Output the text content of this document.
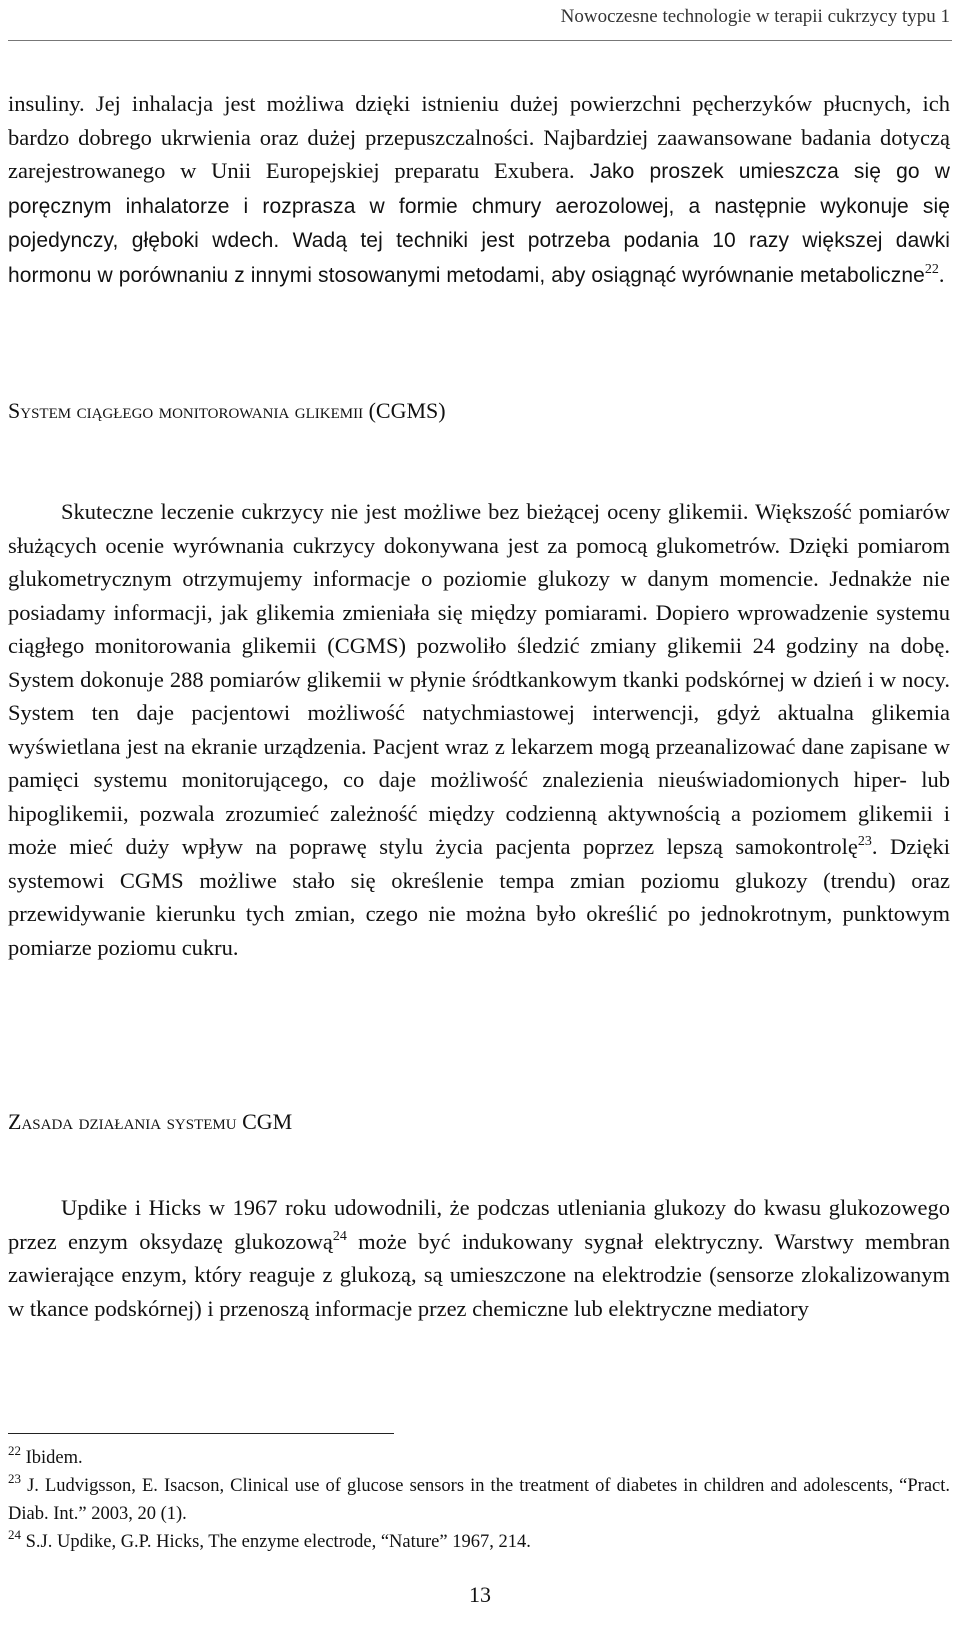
Nowoczesne technologie w terapii cukrzycy typu 1

insuliny. Jej inhalacja jest możliwa dzięki istnieniu dużej powierzchni pęcherzyków płucnych, ich bardzo dobrego ukrwienia oraz dużej przepuszczalności. Najbardziej zaawansowane badania dotyczą zarejestrowanego w Unii Europejskiej preparatu Exubera. Jako proszek umieszcza się go w poręcznym inhalatorze i rozprasza w formie chmury aerozolowej, a następnie wykonuje się pojedynczy, głęboki wdech. Wadą tej techniki jest potrzeba podania 10 razy większej dawki hormonu w porównaniu z innymi stosowanymi metodami, aby osiągnąć wyrównanie metaboliczne$^{22}$.

System ciągłego monitorowania glikemii (CGMS)

Skuteczne leczenie cukrzycy nie jest możliwe bez bieżącej oceny glikemii. Większość pomiarów służących ocenie wyrównania cukrzycy dokonywana jest za pomocą glukometrów. Dzięki pomiarom glukometrycznym otrzymujemy informacje o poziomie glukozy w danym momencie. Jednakże nie posiadamy informacji, jak glikemia zmieniała się między pomiarami. Dopiero wprowadzenie systemu ciągłego monitorowania glikemii (CGMS) pozwoliło śledzić zmiany glikemii 24 godziny na dobę. System dokonuje 288 pomiarów glikemii w płynie śródtkankowym tkanki podskórnej w dzień i w nocy. System ten daje pacjentowi możliwość natychmiastowej interwencji, gdyż aktualna glikemia wyświetlana jest na ekranie urządzenia. Pacjent wraz z lekarzem mogą przeanalizować dane zapisane w pamięci systemu monitorującego, co daje możliwość znalezienia nieuświadomionych hiper- lub hipoglikemii, pozwala zrozumieć zależność między codzienną aktywnością a poziomem glikemii i może mieć duży wpływ na poprawę stylu życia pacjenta poprzez lepszą samokontrolę$^{23}$. Dzięki systemowi CGMS możliwe stało się określenie tempa zmian poziomu glukozy (trendu) oraz przewidywanie kierunku tych zmian, czego nie można było określić po jednokrotnym, punktowym pomiarze poziomu cukru.

Zasada działania systemu CGM

Updike i Hicks w 1967 roku udowodnili, że podczas utleniania glukozy do kwasu glukozowego przez enzym oksydazę glukozową$^{24}$ może być indukowany sygnał elektryczny. Warstwy membran zawierające enzym, który reaguje z glukozą, są umieszczone na elektrodzie (sensorze zlokalizowanym w tkance podskórnej) i przenoszą informacje przez chemiczne lub elektryczne mediatory

$^{22}$ Ibidem.

$^{23}$ J. Ludvigsson, E. Isacson, Clinical use of glucose sensors in the treatment of diabetes in children and adolescents, “Pract. Diab. Int.” 2003, 20 (1).

$^{24}$ S.J. Updike, G.P. Hicks, The enzyme electrode, “Nature” 1967, 214.

13
